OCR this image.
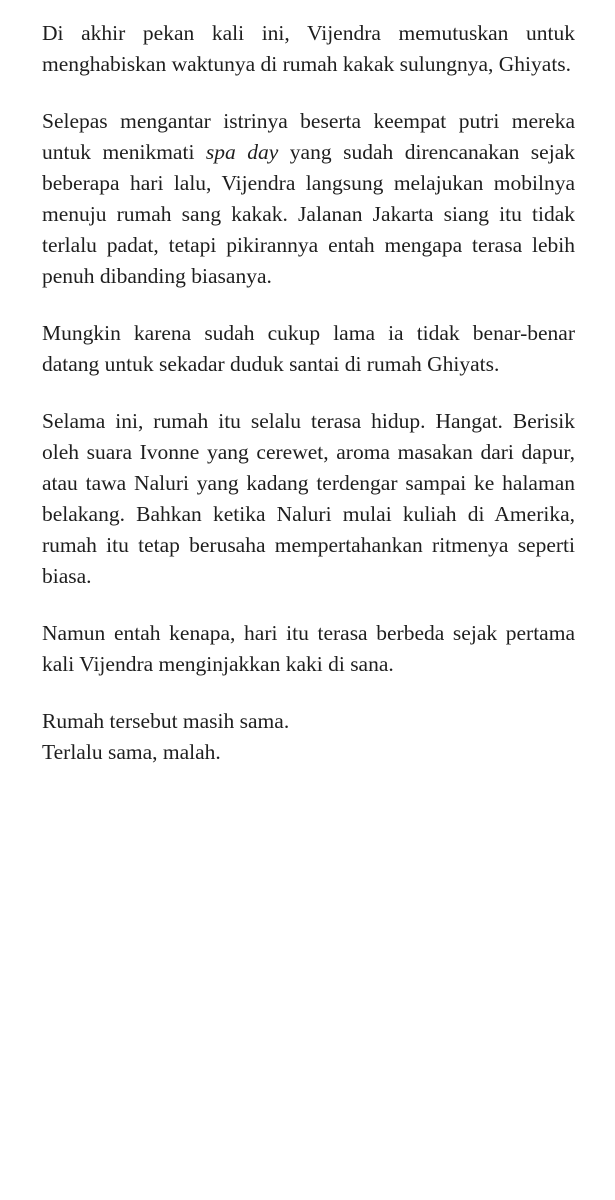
Di akhir pekan kali ini, Vijendra memutuskan untuk menghabiskan waktunya di rumah kakak sulungnya, Ghiyats.

Selepas mengantar istrinya beserta keempat putri mereka untuk menikmati spa day yang sudah direncanakan sejak beberapa hari lalu, Vijendra langsung melajukan mobilnya menuju rumah sang kakak. Jalanan Jakarta siang itu tidak terlalu padat, tetapi pikirannya entah mengapa terasa lebih penuh dibanding biasanya.

Mungkin karena sudah cukup lama ia tidak benar-benar datang untuk sekadar duduk santai di rumah Ghiyats.

Selama ini, rumah itu selalu terasa hidup. Hangat. Berisik oleh suara Ivonne yang cerewet, aroma masakan dari dapur, atau tawa Naluri yang kadang terdengar sampai ke halaman belakang. Bahkan ketika Naluri mulai kuliah di Amerika, rumah itu tetap berusaha mempertahankan ritmenya seperti biasa.

Namun entah kenapa, hari itu terasa berbeda sejak pertama kali Vijendra menginjakkan kaki di sana.

Rumah tersebut masih sama.
Terlalu sama, malah.
